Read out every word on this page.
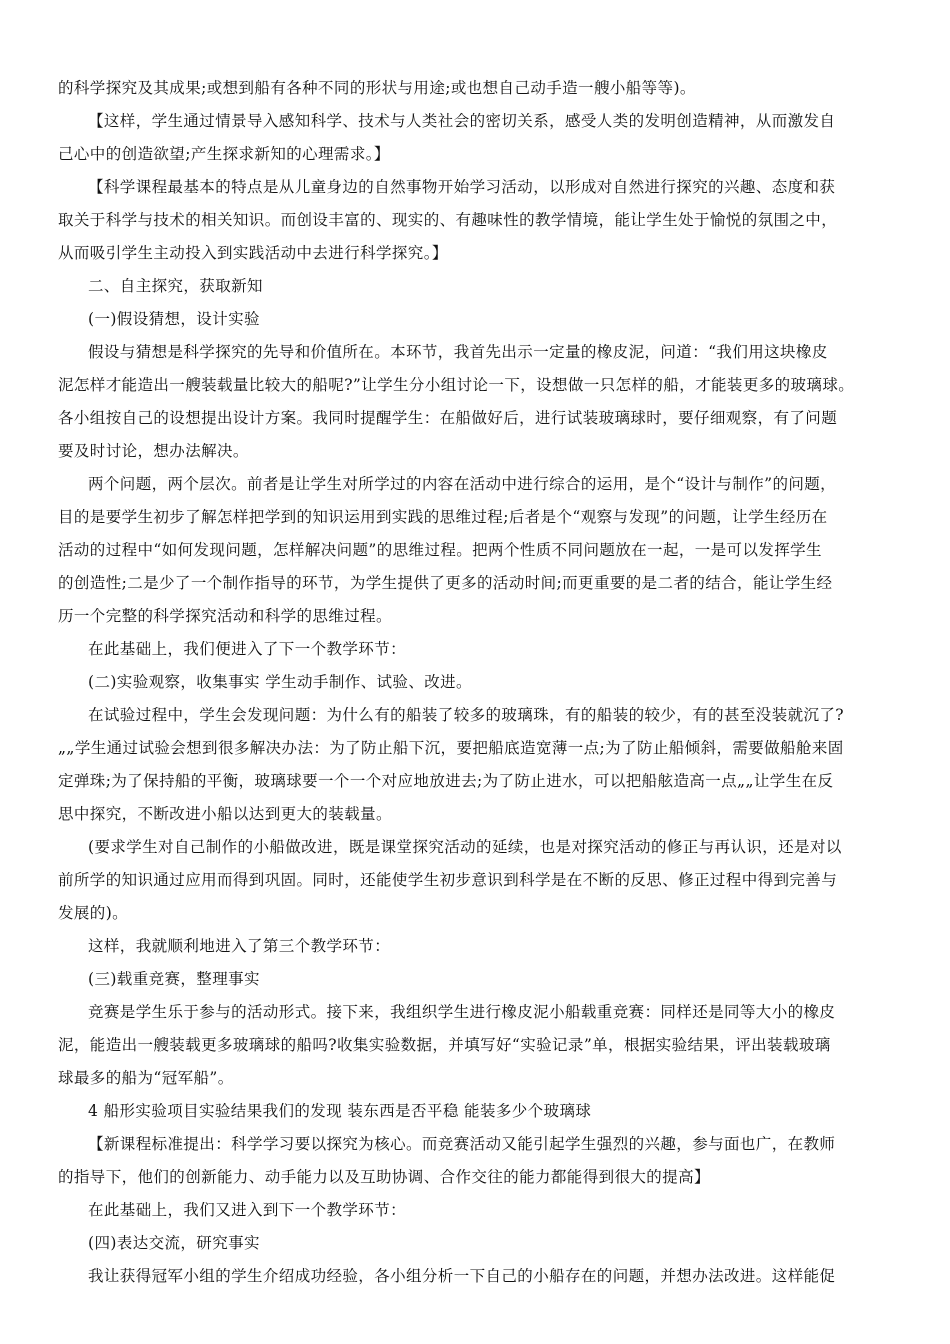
的科学探究及其成果;或想到船有各种不同的形状与用途;或也想自己动手造一艘小船等等)。
【这样，学生通过情景导入感知科学、技术与人类社会的密切关系，感受人类的发明创造精神，从而激发自
己心中的创造欲望;产生探求新知的心理需求。】
【科学课程最基本的特点是从儿童身边的自然事物开始学习活动，以形成对自然进行探究的兴趣、态度和获
取关于科学与技术的相关知识。而创设丰富的、现实的、有趣味性的教学情境，能让学生处于愉悦的氛围之中，
从而吸引学生主动投入到实践活动中去进行科学探究。】
二、自主探究，获取新知
(一)假设猜想，设计实验
假设与猜想是科学探究的先导和价值所在。本环节，我首先出示一定量的橡皮泥，问道：“我们用这块橡皮
泥怎样才能造出一艘装载量比较大的船呢?”让学生分小组讨论一下，设想做一只怎样的船，才能装更多的玻璃球。
各小组按自己的设想提出设计方案。我同时提醒学生：在船做好后，进行试装玻璃球时，要仔细观察，有了问题
要及时讨论，想办法解决。
两个问题，两个层次。前者是让学生对所学过的内容在活动中进行综合的运用，是个“设计与制作”的问题，
目的是要学生初步了解怎样把学到的知识运用到实践的思维过程;后者是个“观察与发现”的问题，让学生经历在
活动的过程中“如何发现问题，怎样解决问题”的思维过程。把两个性质不同问题放在一起，一是可以发挥学生
的创造性;二是少了一个制作指导的环节，为学生提供了更多的活动时间;而更重要的是二者的结合，能让学生经
历一个完整的科学探究活动和科学的思维过程。
在此基础上，我们便进入了下一个教学环节：
(二)实验观察，收集事实 学生动手制作、试验、改进。
在试验过程中，学生会发现问题：为什么有的船装了较多的玻璃珠，有的船装的较少，有的甚至没装就沉了?
„„学生通过试验会想到很多解决办法：为了防止船下沉，要把船底造宽薄一点;为了防止船倾斜，需要做船舱来固
定弹珠;为了保持船的平衡，玻璃球要一个一个对应地放进去;为了防止进水，可以把船舷造高一点„„让学生在反
思中探究，不断改进小船以达到更大的装载量。
(要求学生对自己制作的小船做改进，既是课堂探究活动的延续，也是对探究活动的修正与再认识，还是对以
前所学的知识通过应用而得到巩固。同时，还能使学生初步意识到科学是在不断的反思、修正过程中得到完善与
发展的)。
这样，我就顺利地进入了第三个教学环节：
(三)载重竞赛，整理事实
竞赛是学生乐于参与的活动形式。接下来，我组织学生进行橡皮泥小船载重竞赛：同样还是同等大小的橡皮
泥，能造出一艘装载更多玻璃球的船吗?收集实验数据，并填写好“实验记录”单，根据实验结果，评出装载玻璃
球最多的船为“冠军船”。
4 船形实验项目实验结果我们的发现 装东西是否平稳 能装多少个玻璃球
【新课程标准提出：科学学习要以探究为核心。而竞赛活动又能引起学生强烈的兴趣，参与面也广，在教师
的指导下，他们的创新能力、动手能力以及互助协调、合作交往的能力都能得到很大的提高】
在此基础上，我们又进入到下一个教学环节：
(四)表达交流，研究事实
我让获得冠军小组的学生介绍成功经验，各小组分析一下自己的小船存在的问题，并想办法改进。这样能促
